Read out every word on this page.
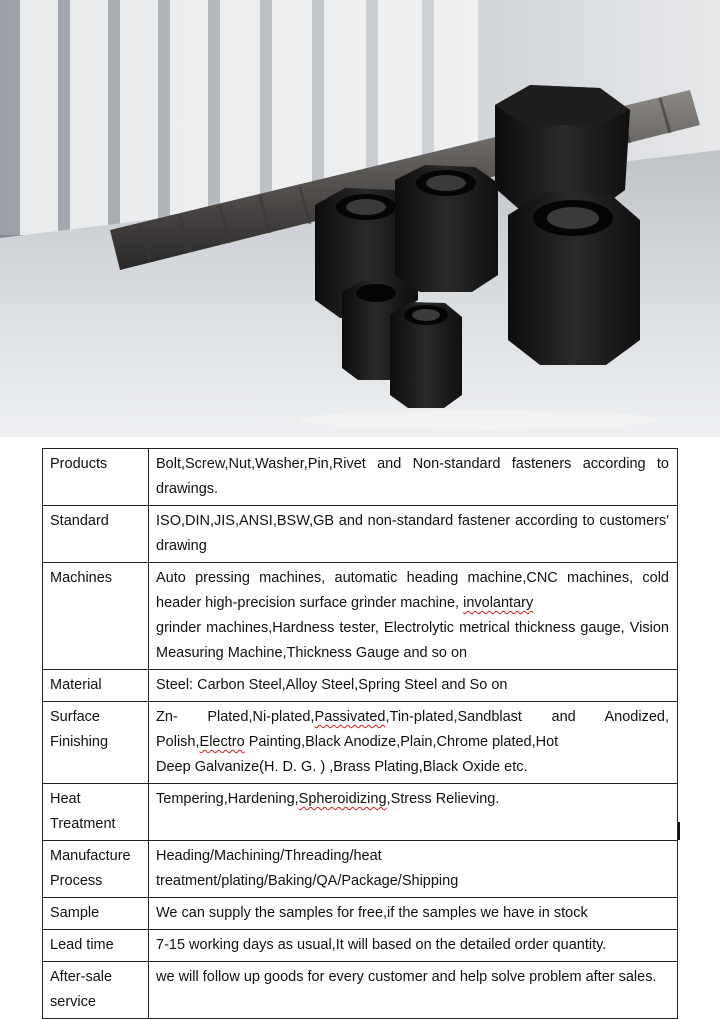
Products	Bolt,Screw,Nut,Washer,Pin,Rivet and Non-standard fasteners according to drawings.
Standard	ISO,DIN,JIS,ANSI,BSW,GB and non-standard fastener according to customers' drawing
Machines	Auto pressing machines, automatic heading machine,CNC machines, cold header high-precision surface grinder machine, involantary
grinder machines,Hardness tester, Electrolytic metrical thickness gauge, Vision Measuring Machine,Thickness Gauge and so on
Material	Steel: Carbon Steel,Alloy Steel,Spring Steel and So on
Surface
Finishing	Zn- Plated,Ni-plated,Passivated,Tin-plated,Sandblast and Anodized, Polish,Electro Painting,Black Anodize,Plain,Chrome plated,Hot
Deep Galvanize(H. D. G. ) ,Brass Plating,Black Oxide etc.
Heat
Treatment	Tempering,Hardening,Spheroidizing,Stress Relieving.
Manufacture
Process	Heading/Machining/Threading/heat
treatment/plating/Baking/QA/Package/Shipping
Sample	We can supply the samples for free,if the samples we have in stock
Lead time	7-15 working days as usual,It will based on the detailed order quantity.
After-sale
service	we will follow up goods for every customer and help solve problem after sales.
